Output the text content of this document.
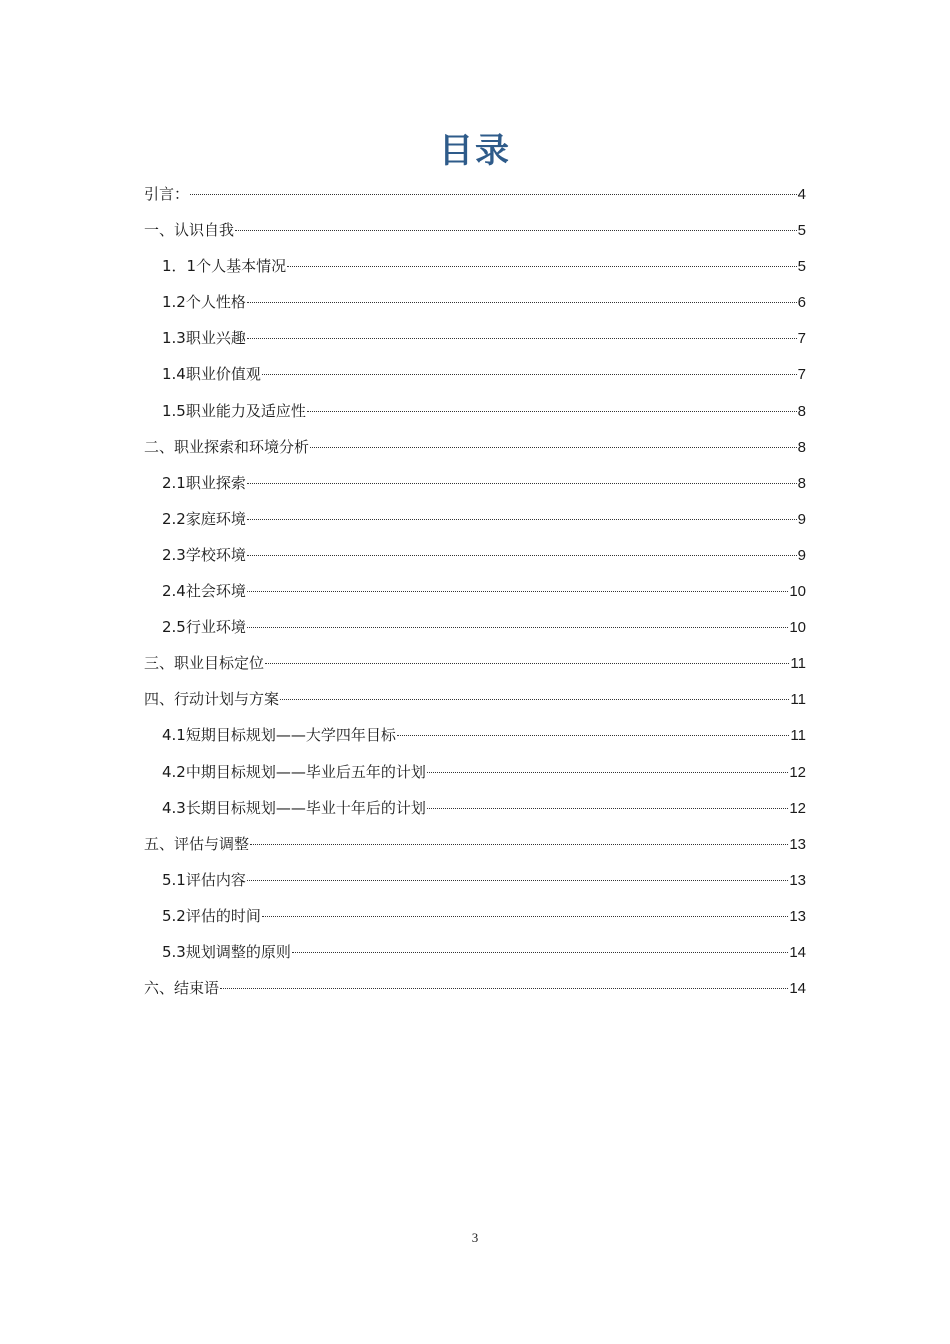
目录
引言：	4
一、认识自我	5
1．1个人基本情况	5
1.2个人性格	6
1.3职业兴趣	7
1.4职业价值观	7
1.5职业能力及适应性	8
二、职业探索和环境分析	8
2.1职业探索	8
2.2家庭环境	9
2.3学校环境	9
2.4社会环境	10
2.5行业环境	10
三、职业目标定位	11
四、行动计划与方案	11
4.1短期目标规划——大学四年目标	11
4.2中期目标规划——毕业后五年的计划	12
4.3长期目标规划——毕业十年后的计划	12
五、评估与调整	13
5.1评估内容	13
5.2评估的时间	13
5.3规划调整的原则	14
六、结束语	14
3
